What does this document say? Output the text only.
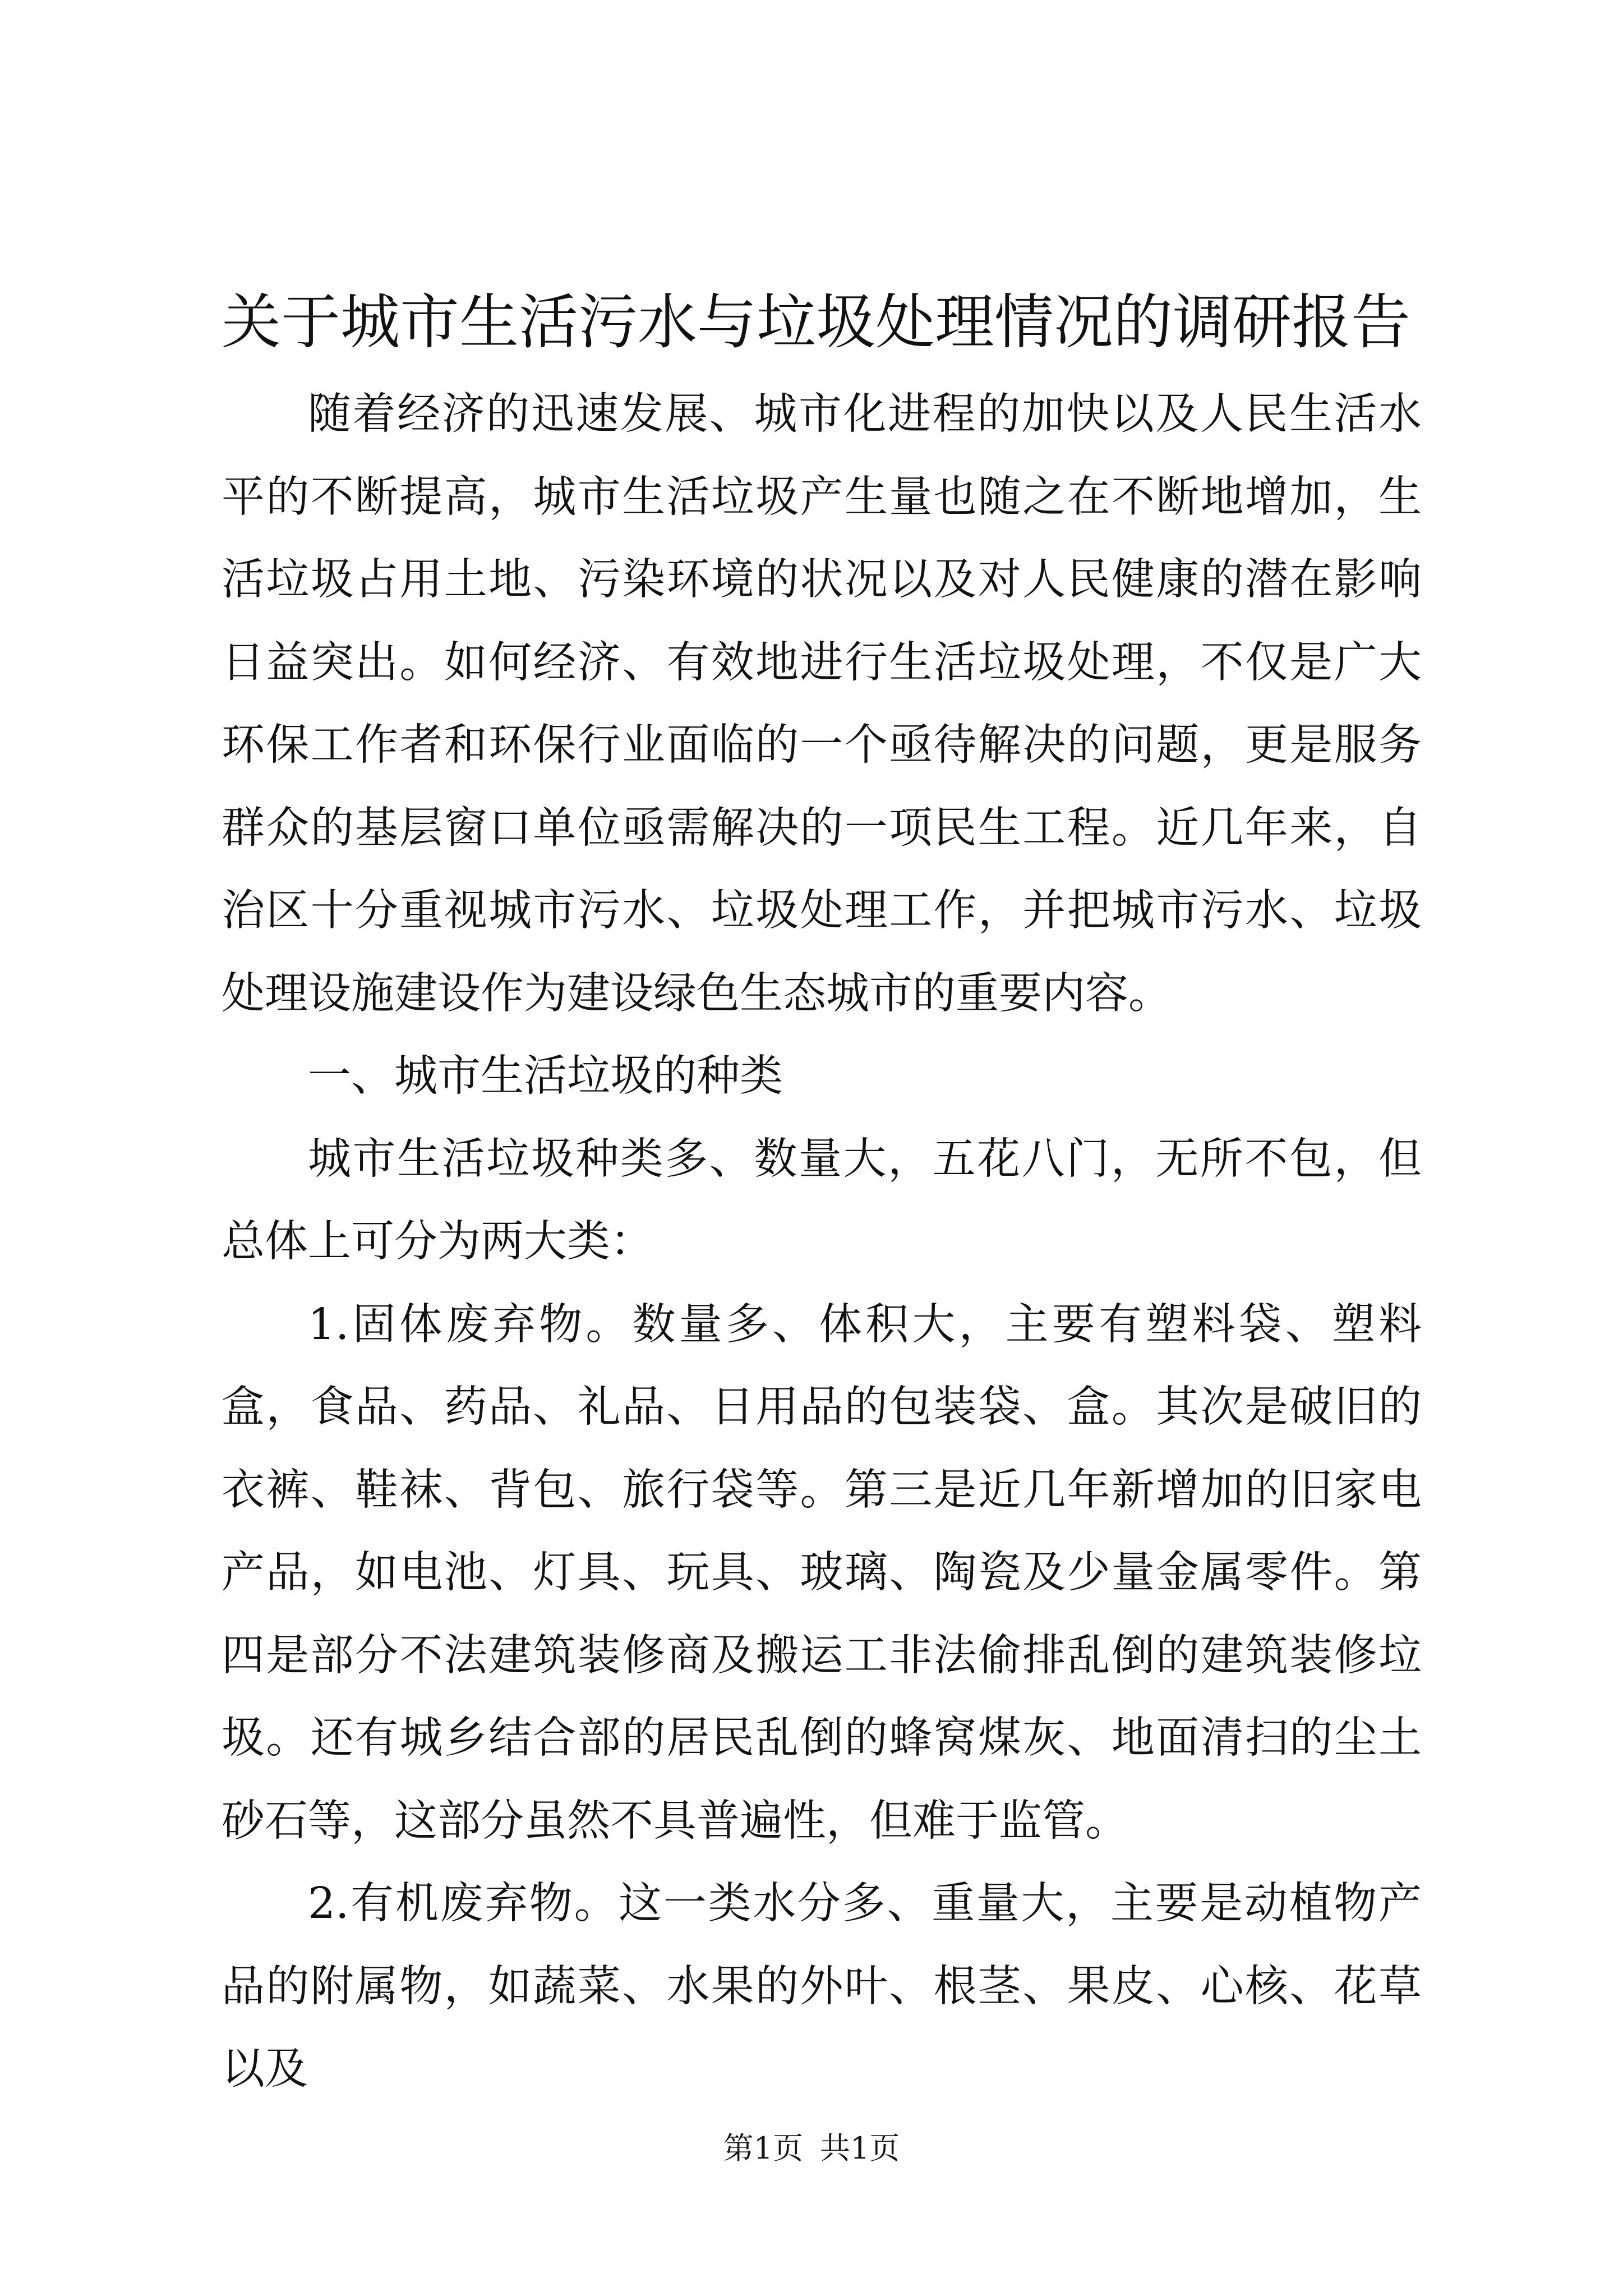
关于城市生活污水与垃圾处理情况的调研报告

随着经济的迅速发展、城市化进程的加快以及人民生活水平的不断提高，城市生活垃圾产生量也随之在不断地增加，生活垃圾占用土地、污染环境的状况以及对人民健康的潜在影响日益突出。如何经济、有效地进行生活垃圾处理，不仅是广大环保工作者和环保行业面临的一个亟待解决的问题，更是服务群众的基层窗口单位亟需解决的一项民生工程。近几年来，自治区十分重视城市污水、垃圾处理工作，并把城市污水、垃圾处理设施建设作为建设绿色生态城市的重要内容。

一、城市生活垃圾的种类

城市生活垃圾种类多、数量大，五花八门，无所不包，但总体上可分为两大类：

1.固体废弃物。数量多、体积大，主要有塑料袋、塑料盒，食品、药品、礼品、日用品的包装袋、盒。其次是破旧的衣裤、鞋袜、背包、旅行袋等。第三是近几年新增加的旧家电产品，如电池、灯具、玩具、玻璃、陶瓷及少量金属零件。第四是部分不法建筑装修商及搬运工非法偷排乱倒的建筑装修垃圾。还有城乡结合部的居民乱倒的蜂窝煤灰、地面清扫的尘土砂石等，这部分虽然不具普遍性，但难于监管。

2.有机废弃物。这一类水分多、重量大，主要是动植物产品的附属物，如蔬菜、水果的外叶、根茎、果皮、心核、花草以及

第1页 共1页
